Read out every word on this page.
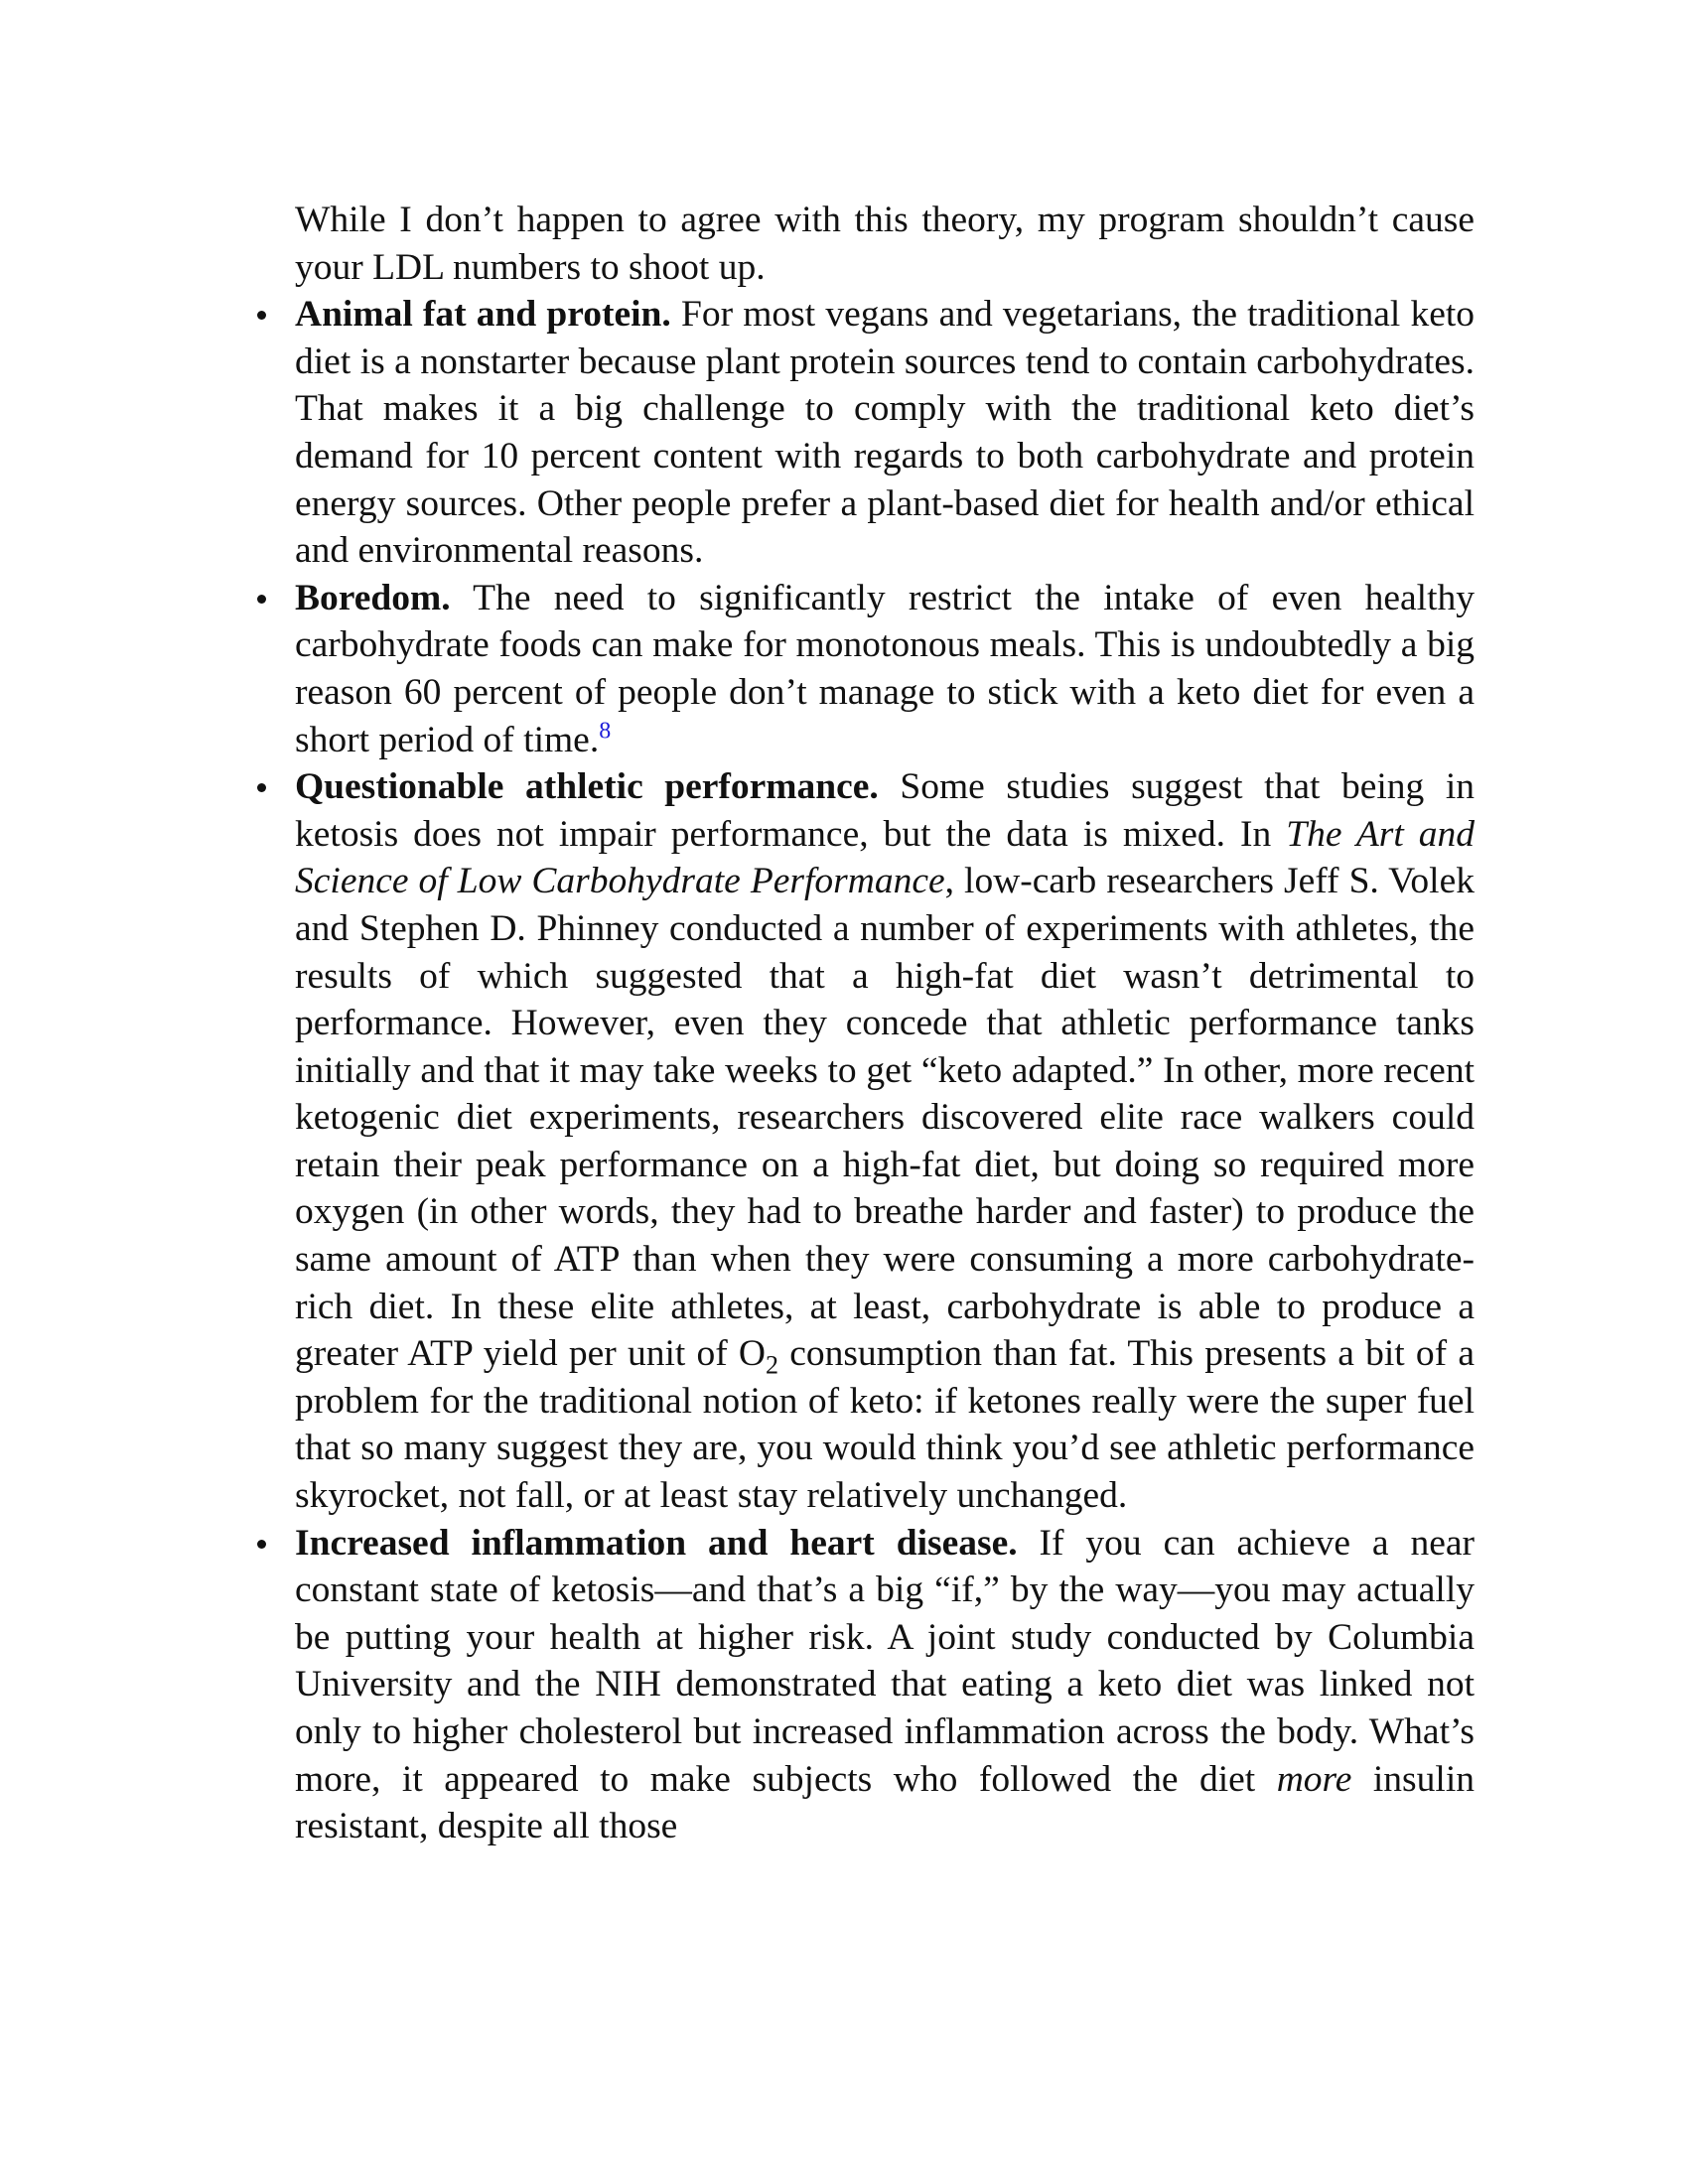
While I don’t happen to agree with this theory, my program shouldn’t cause your LDL numbers to shoot up.

Animal fat and protein. For most vegans and vegetarians, the traditional keto diet is a nonstarter because plant protein sources tend to contain carbohydrates. That makes it a big challenge to comply with the traditional keto diet’s demand for 10 percent content with regards to both carbohydrate and protein energy sources. Other people prefer a plant-based diet for health and/or ethical and environmental reasons.
Boredom. The need to significantly restrict the intake of even healthy carbohydrate foods can make for monotonous meals. This is undoubtedly a big reason 60 percent of people don’t manage to stick with a keto diet for even a short period of time.$^8$
Questionable athletic performance. Some studies suggest that being in ketosis does not impair performance, but the data is mixed. In The Art and Science of Low Carbohydrate Performance, low-carb researchers Jeff S. Volek and Stephen D. Phinney conducted a number of experiments with athletes, the results of which suggested that a high-fat diet wasn’t detrimental to performance. However, even they concede that athletic performance tanks initially and that it may take weeks to get “keto adapted.” In other, more recent ketogenic diet experiments, researchers discovered elite race walkers could retain their peak performance on a high-fat diet, but doing so required more oxygen (in other words, they had to breathe harder and faster) to produce the same amount of ATP than when they were consuming a more carbohydrate-rich diet. In these elite athletes, at least, carbohydrate is able to produce a greater ATP yield per unit of $O_2$ consumption than fat. This presents a bit of a problem for the traditional notion of keto: if ketones really were the super fuel that so many suggest they are, you would think you’d see athletic performance skyrocket, not fall, or at least stay relatively unchanged.
Increased inflammation and heart disease. If you can achieve a near constant state of ketosis—and that’s a big “if,” by the way—you may actually be putting your health at higher risk. A joint study conducted by Columbia University and the NIH demonstrated that eating a keto diet was linked not only to higher cholesterol but increased inflammation across the body. What’s more, it appeared to make subjects who followed the diet more insulin resistant, despite all those
